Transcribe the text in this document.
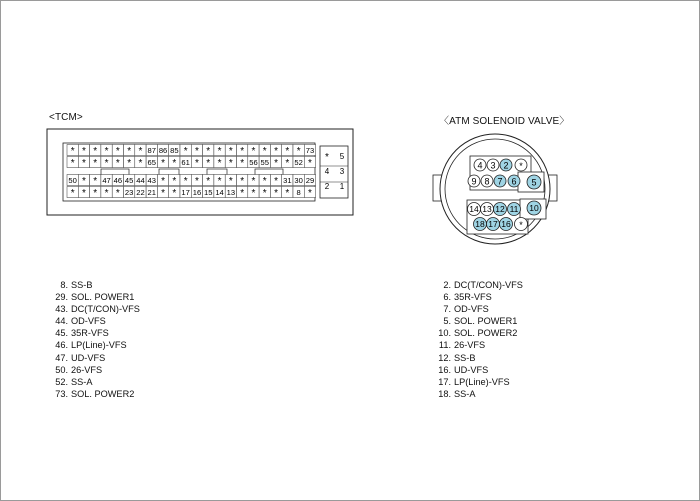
<TCM>
* * * * * * * 87 86 85 * * * * * * * * * * * 73
* * * * * * * 65 * * 61 * * * * * 56 55 * * 52 *
50 * * 47 46 45 44 43 * * * * * * * * * * * 31 30 29
* * * * * 23 22 21 * * 17 16 15 14 13 * * * * * 8 *
* 5
4 3
2 1
〈ATM SOLENOID VALVE〉
4 3 2 *
9 8 7 6 5
14 13 12 11 10
18 17 16 *
8. SS-B
29. SOL. POWER1
43. DC(T/CON)-VFS
44. OD-VFS
45. 35R-VFS
46. LP(Line)-VFS
47. UD-VFS
50. 26-VFS
52. SS-A
73. SOL. POWER2
2. DC(T/CON)-VFS
6. 35R-VFS
7. OD-VFS
5. SOL. POWER1
10. SOL. POWER2
11. 26-VFS
12. SS-B
16. UD-VFS
17. LP(Line)-VFS
18. SS-A
